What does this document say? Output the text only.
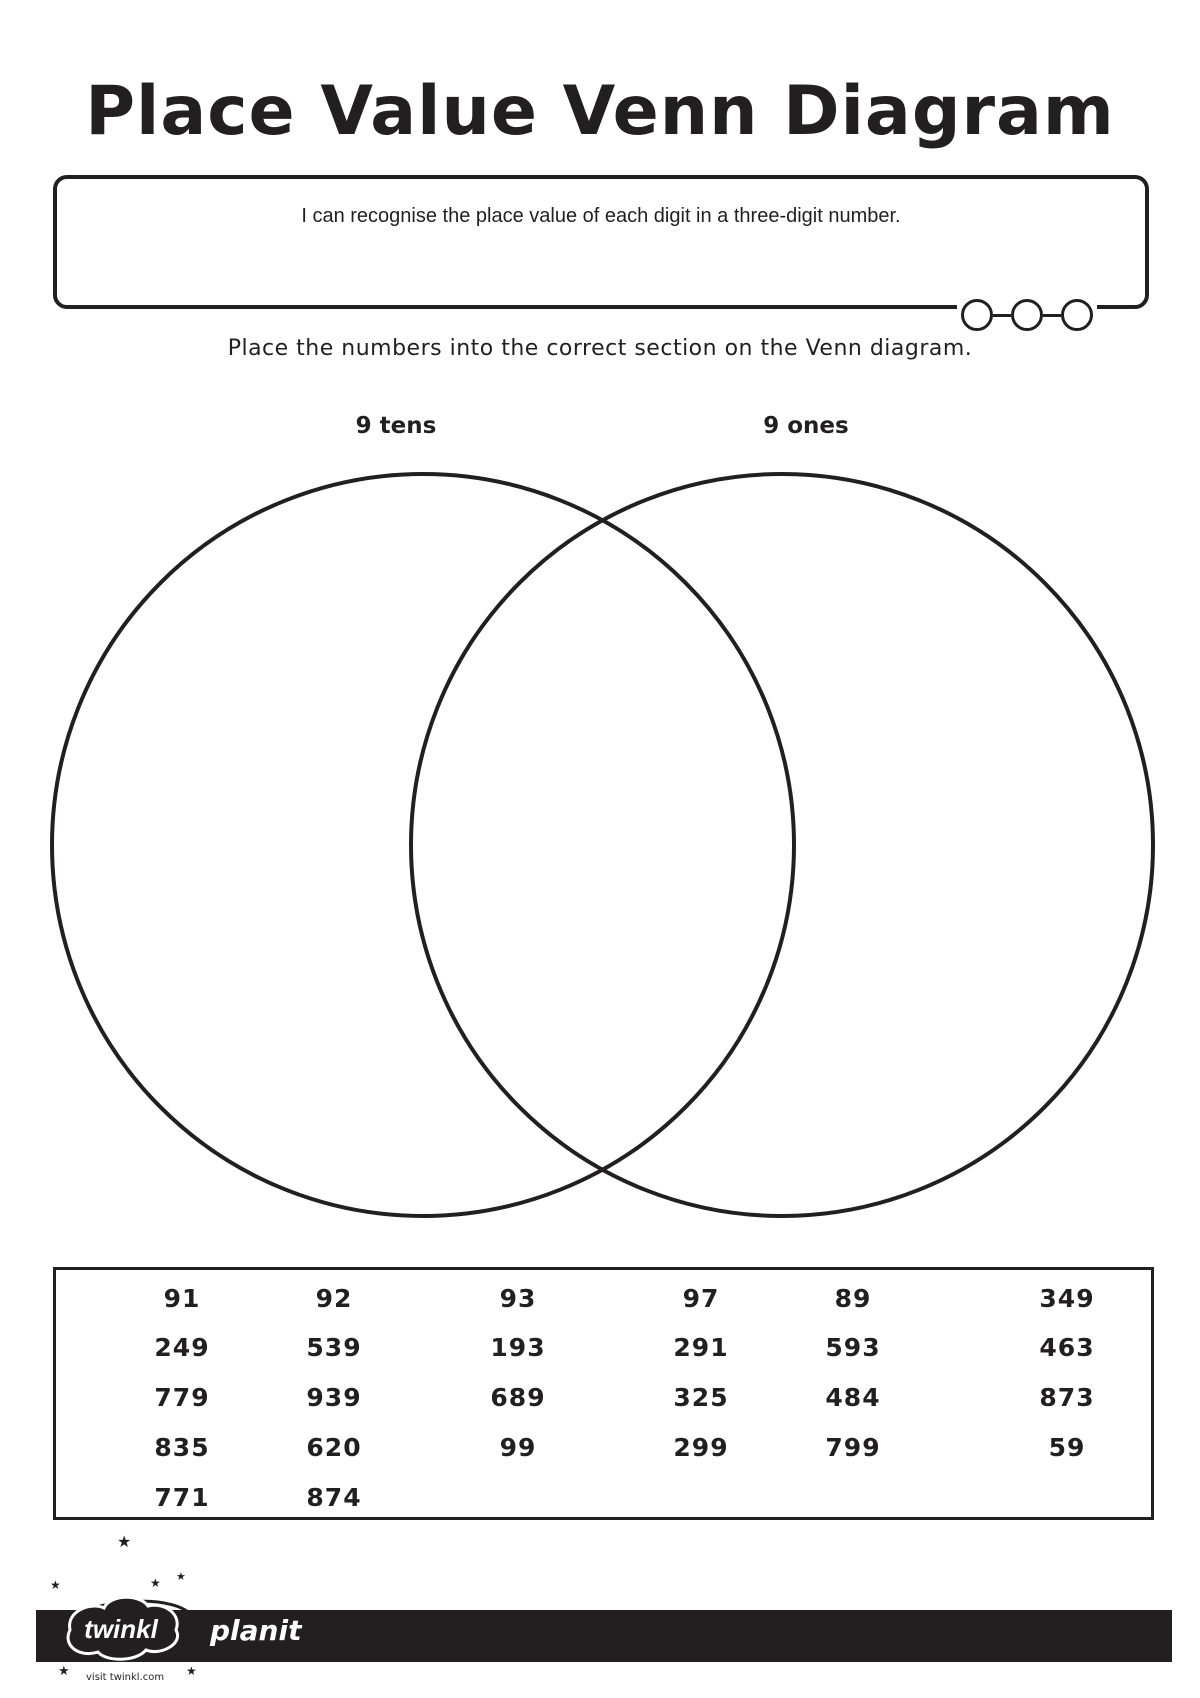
Place Value Venn Diagram
I can recognise the place value of each digit in a three-digit number.
Place the numbers into the correct section on the Venn diagram.
9 tens	9 ones
91	92	93	97	89	349
249	539	193	291	593	463
779	939	689	325	484	873
835	620	99	299	799	59
771	874
★
★ ★
★
★	★
twinkl planit
visit twinkl.com
